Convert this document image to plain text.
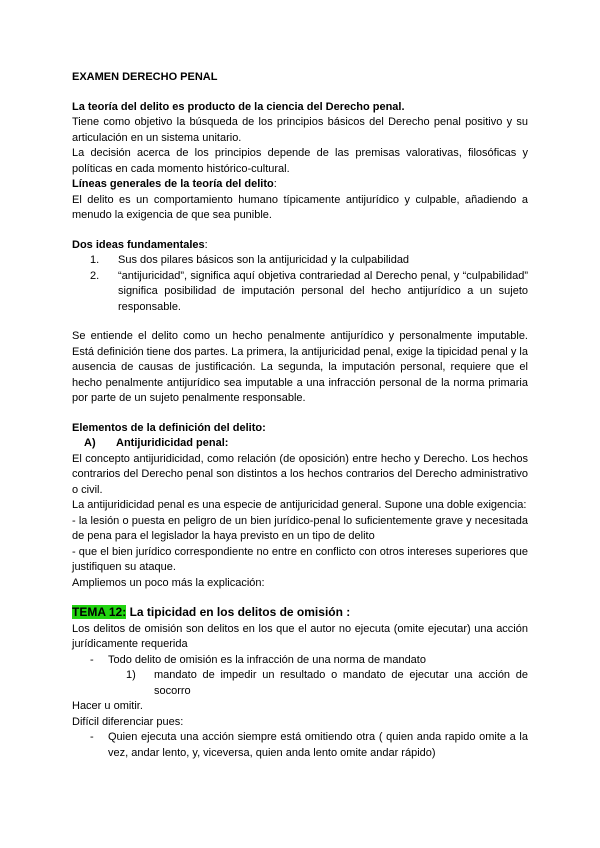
EXAMEN DERECHO PENAL

La teoría del delito es producto de la ciencia del Derecho penal.

Tiene como objetivo la búsqueda de los principios básicos del Derecho penal positivo y su articulación en un sistema unitario.

La decisión acerca de los principios depende de las premisas valorativas, filosóficas y políticas en cada momento histórico-cultural.

Líneas generales de la teoría del delito:

El delito es un comportamiento humano típicamente antijurídico y culpable, añadiendo a menudo la exigencia de que sea punible.

Dos ideas fundamentales:

1. Sus dos pilares básicos son la antijuricidad y la culpabilidad
2. “antijuricidad”, significa aquí objetiva contrariedad al Derecho penal, y “culpabilidad” significa posibilidad de imputación personal del hecho antijurídico a un sujeto responsable.

Se entiende el delito como un hecho penalmente antijurídico y personalmente imputable. Está definición tiene dos partes. La primera, la antijuricidad penal, exige la tipicidad penal y la ausencia de causas de justificación. La segunda, la imputación personal, requiere que el hecho penalmente antijurídico sea imputable a una infracción personal de la norma primaria por parte de un sujeto penalmente responsable.

Elementos de la definición del delito:

A) Antijuridicidad penal:

El concepto antijuridicidad, como relación (de oposición) entre hecho y Derecho. Los hechos contrarios del Derecho penal son distintos a los hechos contrarios del Derecho administrativo o civil.

La antijuridicidad penal es una especie de antijuricidad general. Supone una doble exigencia:

- la lesión o puesta en peligro de un bien jurídico-penal lo suficientemente grave y necesitada de pena para el legislador la haya previsto en un tipo de delito

- que el bien jurídico correspondiente no entre en conflicto con otros intereses superiores que justifiquen su ataque.

Ampliemos un poco más la explicación:

TEMA 12: La tipicidad en los delitos de omisión :

Los delitos de omisión son delitos en los que el autor no ejecuta (omite ejecutar) una acción jurídicamente requerida

- Todo delito de omisión es la infracción de una norma de mandato
1) mandato de impedir un resultado o mandato de ejecutar una acción de socorro

Hacer u omitir.

Difícil diferenciar pues:

- Quien ejecuta una acción siempre está omitiendo otra ( quien anda rapido omite a la vez, andar lento, y, viceversa, quien anda lento omite andar rápido)
